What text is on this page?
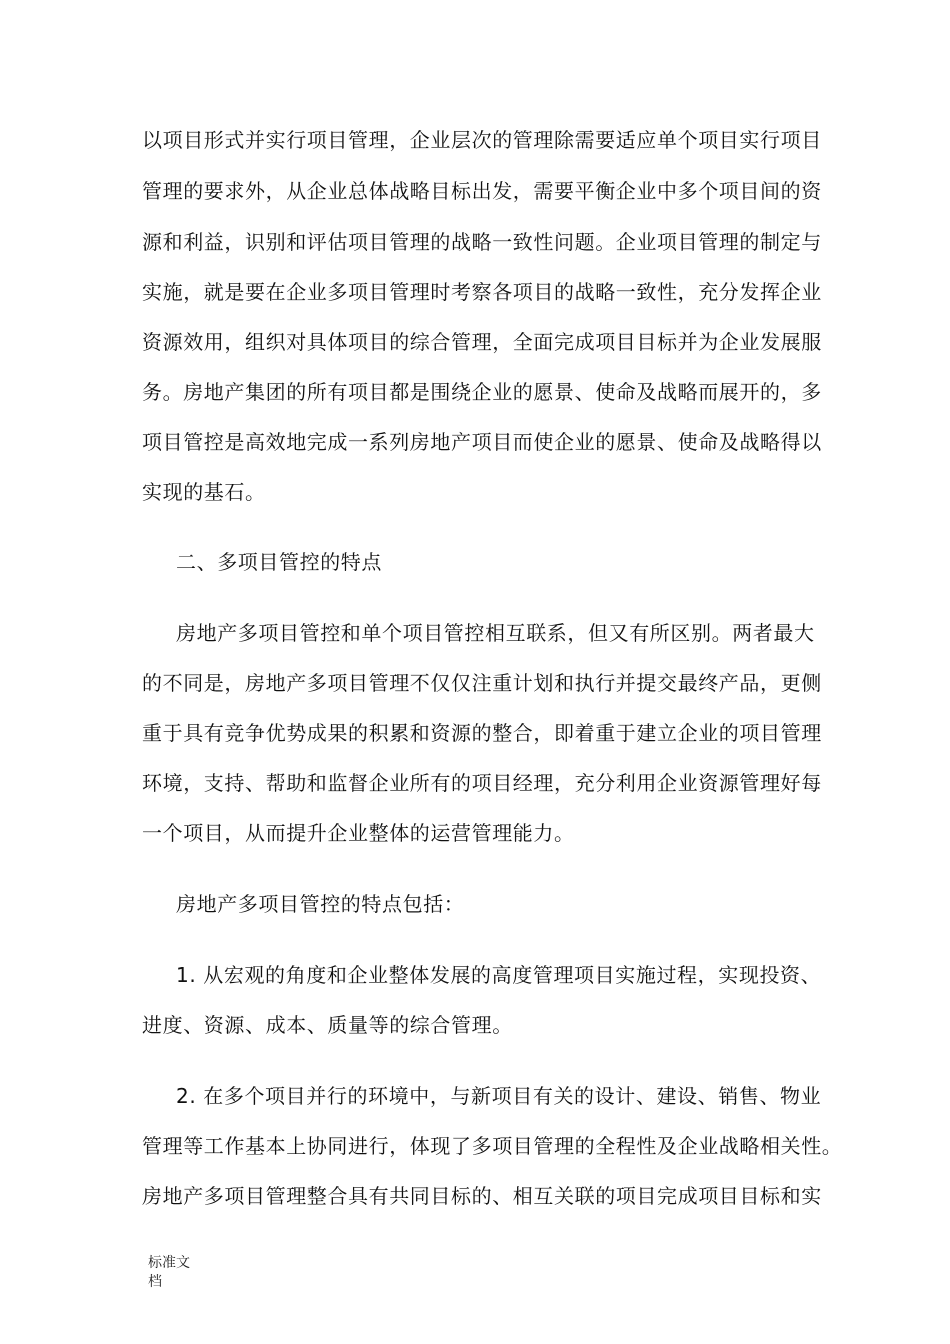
以项目形式并实行项目管理，企业层次的管理除需要适应单个项目实行项目
管理的要求外，从企业总体战略目标出发，需要平衡企业中多个项目间的资
源和利益，识别和评估项目管理的战略一致性问题。企业项目管理的制定与
实施，就是要在企业多项目管理时考察各项目的战略一致性，充分发挥企业
资源效用，组织对具体项目的综合管理，全面完成项目目标并为企业发展服
务。房地产集团的所有项目都是围绕企业的愿景、使命及战略而展开的，多
项目管控是高效地完成一系列房地产项目而使企业的愿景、使命及战略得以
实现的基石。
二、多项目管控的特点
房地产多项目管控和单个项目管控相互联系，但又有所区别。两者最大
的不同是，房地产多项目管理不仅仅注重计划和执行并提交最终产品，更侧
重于具有竞争优势成果的积累和资源的整合，即着重于建立企业的项目管理
环境，支持、帮助和监督企业所有的项目经理，充分利用企业资源管理好每
一个项目，从而提升企业整体的运营管理能力。
房地产多项目管控的特点包括：
1. 从宏观的角度和企业整体发展的高度管理项目实施过程，实现投资、
进度、资源、成本、质量等的综合管理。
2. 在多个项目并行的环境中，与新项目有关的设计、建设、销售、物业
管理等工作基本上协同进行，体现了多项目管理的全程性及企业战略相关性。
房地产多项目管理整合具有共同目标的、相互关联的项目完成项目目标和实
标准文
档
